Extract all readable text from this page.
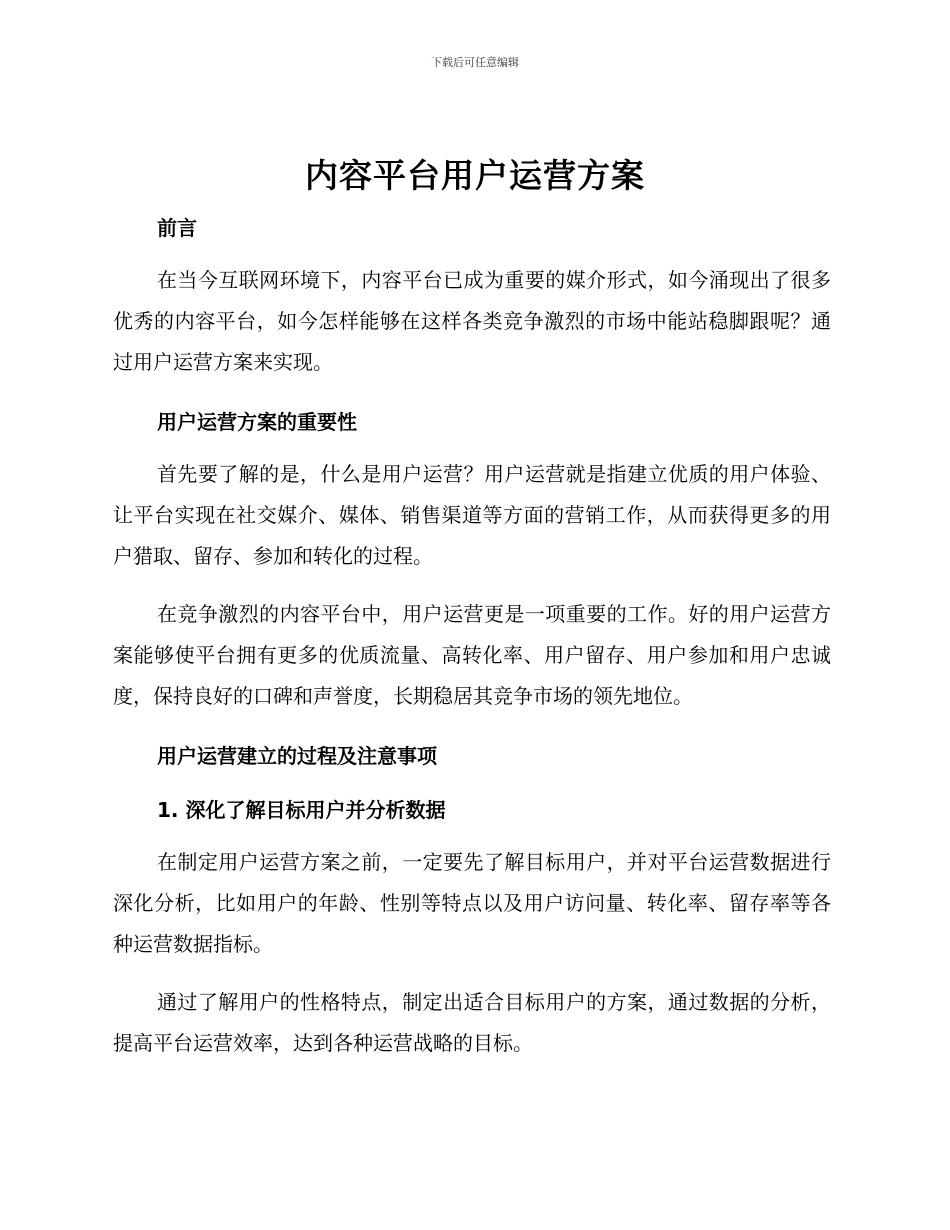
下载后可任意编辑
内容平台用户运营方案
前言

在当今互联网环境下，内容平台已成为重要的媒介形式，如今涌现出了很多优秀的内容平台，如今怎样能够在这样各类竞争激烈的市场中能站稳脚跟呢？通过用户运营方案来实现。

用户运营方案的重要性

首先要了解的是，什么是用户运营？用户运营就是指建立优质的用户体验、让平台实现在社交媒介、媒体、销售渠道等方面的营销工作，从而获得更多的用户猎取、留存、参加和转化的过程。

在竞争激烈的内容平台中，用户运营更是一项重要的工作。好的用户运营方案能够使平台拥有更多的优质流量、高转化率、用户留存、用户参加和用户忠诚度，保持良好的口碑和声誉度，长期稳居其竞争市场的领先地位。

用户运营建立的过程及注意事项
1. 深化了解目标用户并分析数据

在制定用户运营方案之前，一定要先了解目标用户，并对平台运营数据进行深化分析，比如用户的年龄、性别等特点以及用户访问量、转化率、留存率等各种运营数据指标。

通过了解用户的性格特点，制定出适合目标用户的方案，通过数据的分析，提高平台运营效率，达到各种运营战略的目标。
